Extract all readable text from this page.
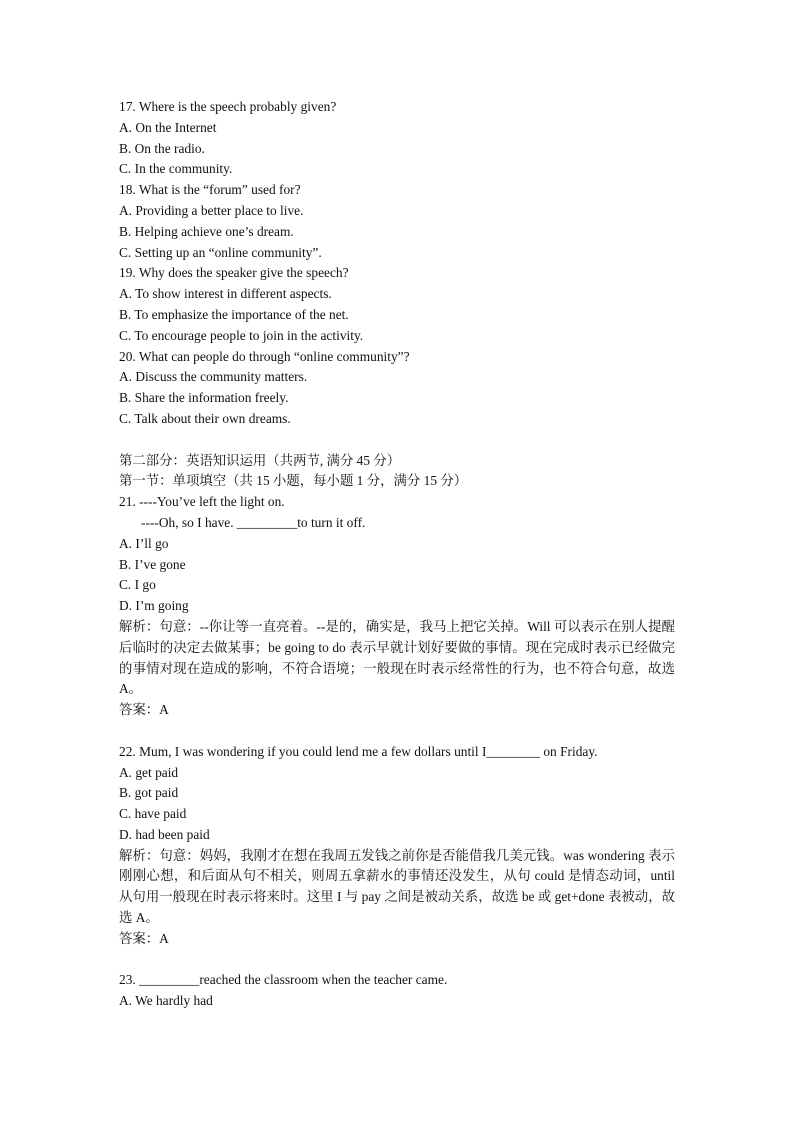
17. Where is the speech probably given?
A. On the Internet
B. On the radio.
C. In the community.
18. What is the “forum” used for?
A. Providing a better place to live.
B. Helping achieve one’s dream.
C. Setting up an “online community”.
19. Why does the speaker give the speech?
A. To show interest in different aspects.
B. To emphasize the importance of the net.
C. To encourage people to join in the activity.
20. What can people do through “online community”?
A. Discuss the community matters.
B. Share the information freely.
C. Talk about their own dreams.
第二部分：英语知识运用（共两节, 满分 45 分）
第一节：单项填空（共 15 小题，每小题 1 分，满分 15 分）
21. ----You’ve left the light on.
----Oh, so I have. _________to turn it off.
A. I’ll go
B. I’ve gone
C. I go
D. I’m going
解析：句意：--你让等一直亮着。--是的，确实是，我马上把它关掉。Will 可以表示在别人提醒后临时的决定去做某事；be going to do 表示早就计划好要做的事情。现在完成时表示已经做完的事情对现在造成的影响，不符合语境；一般现在时表示经常性的行为，也不符合句意，故选 A。
答案：A
22. Mum, I was wondering if you could lend me a few dollars until I________ on Friday.
A. get paid
B. got paid
C. have paid
D. had been paid
解析：句意：妈妈，我刚才在想在我周五发钱之前你是否能借我几美元钱。was wondering 表示刚刚心想，和后面从句不相关，则周五拿薪水的事情还没发生，从句 could 是情态动词，until 从句用一般现在时表示将来时。这里 I 与 pay 之间是被动关系，故选 be 或 get+done 表被动，故选 A。
答案：A
23. _________reached the classroom when the teacher came.
A. We hardly had
